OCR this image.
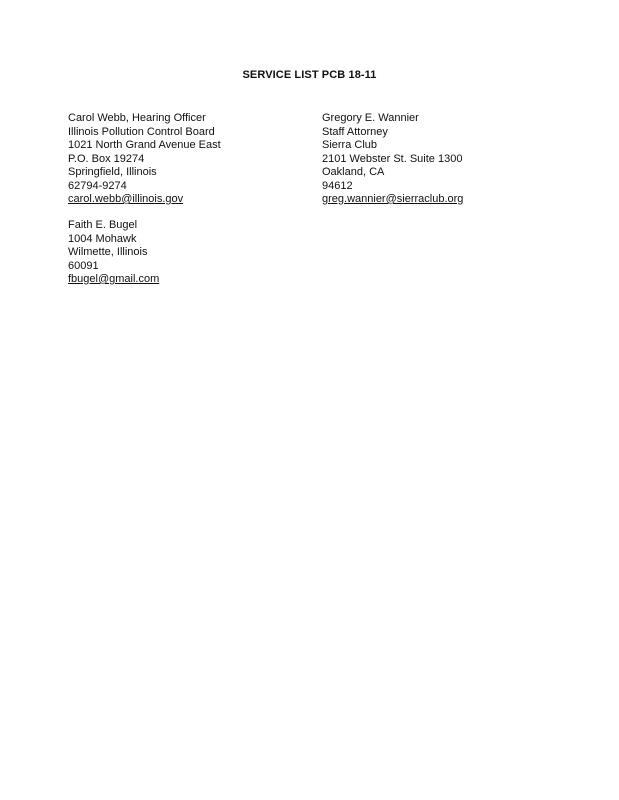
SERVICE LIST PCB 18-11
Carol Webb, Hearing Officer
Illinois Pollution Control Board
1021 North Grand Avenue East
P.O. Box 19274
Springfield, Illinois
62794-9274
carol.webb@illinois.gov
Gregory E. Wannier
Staff Attorney
Sierra Club
2101 Webster St. Suite 1300
Oakland, CA
94612
greg.wannier@sierraclub.org
Faith E. Bugel
1004 Mohawk
Wilmette, Illinois
60091
fbugel@gmail.com
